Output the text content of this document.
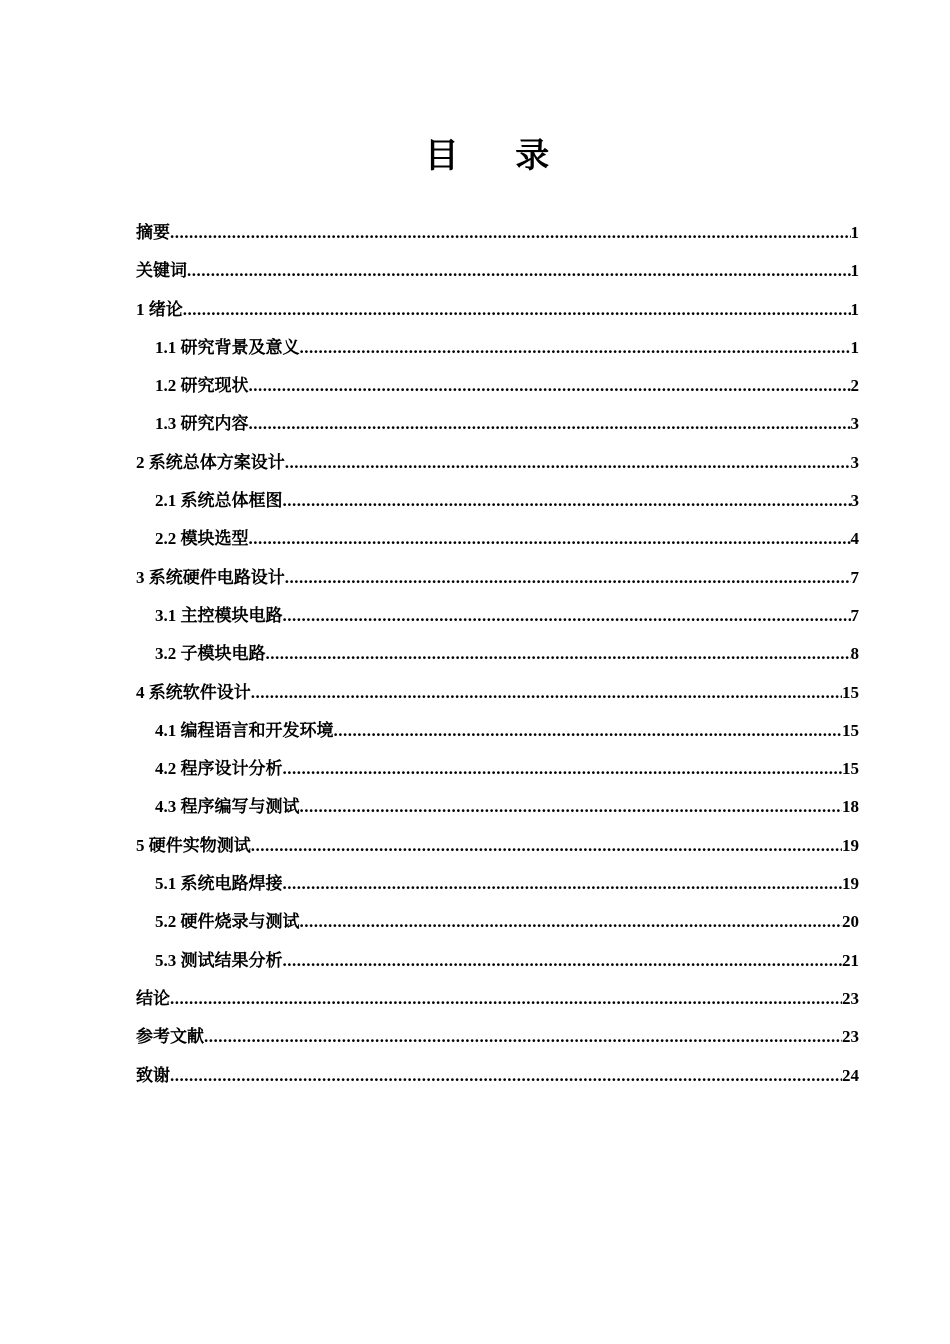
目 录
摘要 .....	1
关键词 .....	1
1 绪论 .....	1
1.1 研究背景及意义 .....	1
1.2 研究现状 .....	2
1.3 研究内容 .....	3
2 系统总体方案设计 .....	3
2.1 系统总体框图 .....	3
2.2 模块选型 .....	4
3 系统硬件电路设计 .....	7
3.1 主控模块电路 .....	7
3.2 子模块电路 .....	8
4 系统软件设计 .....	15
4.1 编程语言和开发环境 .....	15
4.2 程序设计分析 .....	15
4.3 程序编写与测试 .....	18
5 硬件实物测试 .....	19
5.1 系统电路焊接 .....	19
5.2 硬件烧录与测试 .....	20
5.3 测试结果分析 .....	21
结论 .....	23
参考文献 .....	23
致谢 .....	24
